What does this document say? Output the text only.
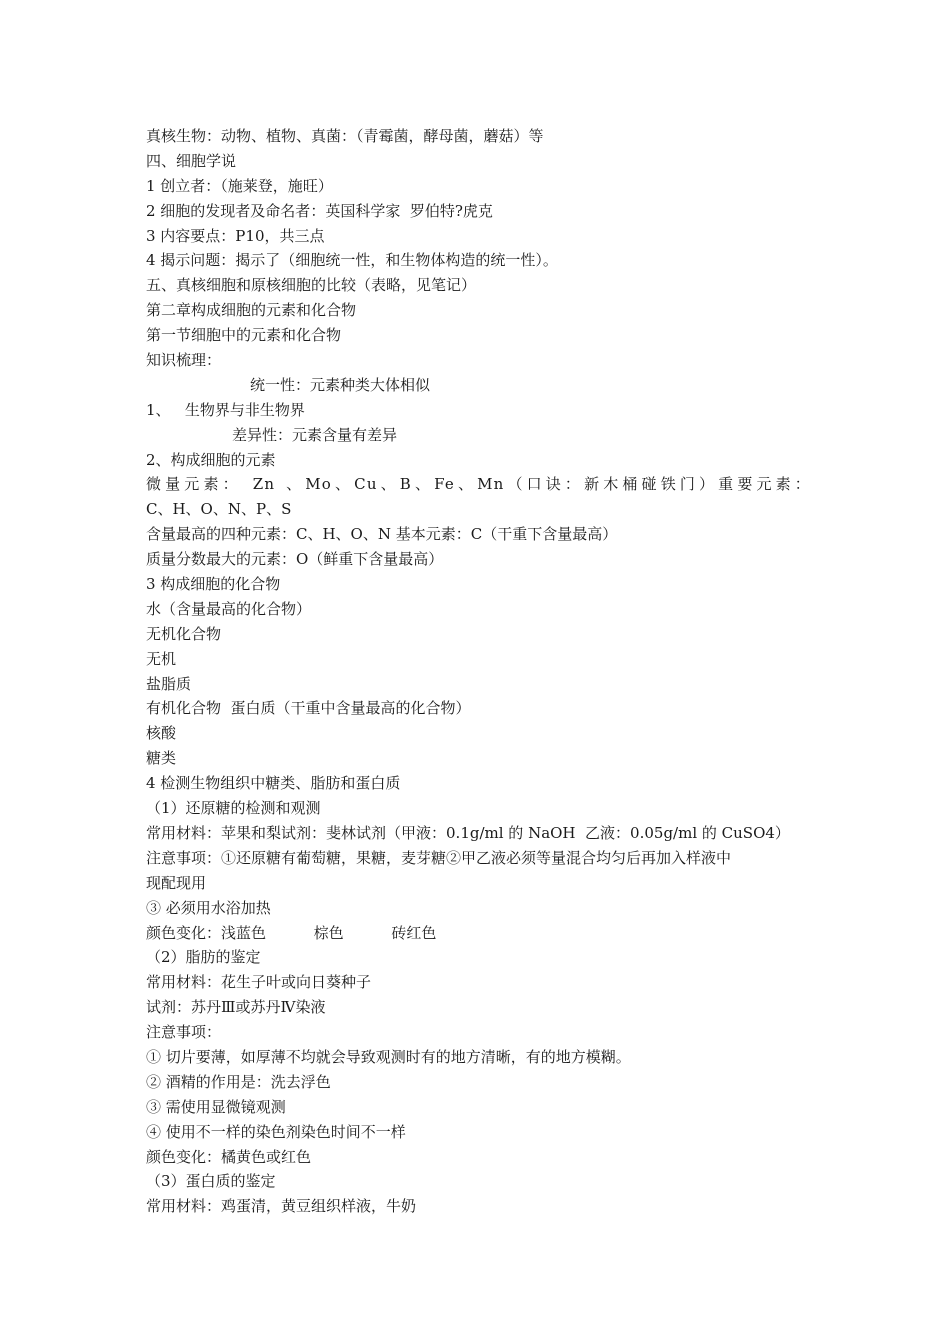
真核生物：动物、植物、真菌：（青霉菌，酵母菌，蘑菇）等
四、细胞学说
1 创立者：（施莱登，施旺）
2 细胞的发现者及命名者：英国科学家  罗伯特?虎克
3 内容要点：P10，共三点
4 揭示问题：揭示了（细胞统一性，和生物体构造的统一性）。
五、真核细胞和原核细胞的比较（表略，见笔记）
第二章构成细胞的元素和化合物
第一节细胞中的元素和化合物
知识梳理：
统一性：元素种类大体相似
1、   生物界与非生物界
差异性：元素含量有差异
2、构成细胞的元素
微量元素： Zn 、Mo、Cu、B、Fe、Mn（口诀：新木桶碰铁门）重要元素：
C、H、O、N、P、S
含量最高的四种元素：C、H、O、N 基本元素：C（干重下含量最高）
质量分数最大的元素：O（鲜重下含量最高）
3 构成细胞的化合物
水（含量最高的化合物）
无机化合物
无机
盐脂质
有机化合物  蛋白质（干重中含量最高的化合物）
核酸
糖类
4 检测生物组织中糖类、脂肪和蛋白质
（1）还原糖的检测和观测
常用材料：苹果和梨试剂：斐林试剂（甲液：0.1g/ml 的 NaOH  乙液：0.05g/ml 的 CuSO4）
注意事项：①还原糖有葡萄糖，果糖，麦芽糖②甲乙液必须等量混合均匀后再加入样液中
现配现用
③ 必须用水浴加热
颜色变化：浅蓝色          棕色          砖红色
（2）脂肪的鉴定
常用材料：花生子叶或向日葵种子
试剂：苏丹Ⅲ或苏丹Ⅳ染液
注意事项：
① 切片要薄，如厚薄不均就会导致观测时有的地方清晰，有的地方模糊。
② 酒精的作用是：洗去浮色
③ 需使用显微镜观测
④ 使用不一样的染色剂染色时间不一样
颜色变化：橘黄色或红色
（3）蛋白质的鉴定
常用材料：鸡蛋清，黄豆组织样液，牛奶
